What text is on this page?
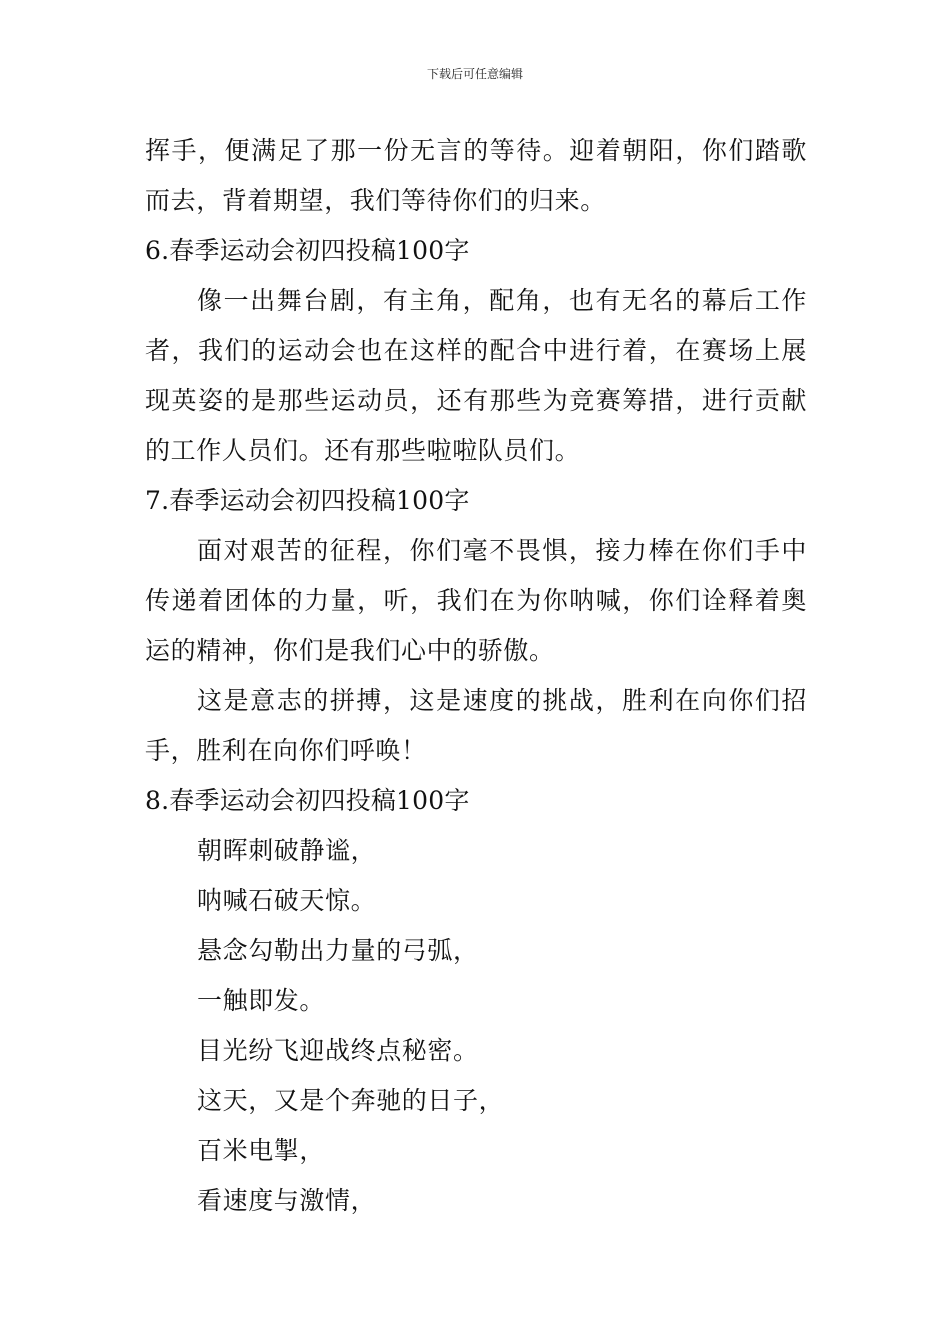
下载后可任意编辑
挥手，便满足了那一份无言的等待。迎着朝阳，你们踏歌
而去，背着期望，我们等待你们的归来。
6.春季运动会初四投稿100字
像一出舞台剧，有主角，配角，也有无名的幕后工作
者，我们的运动会也在这样的配合中进行着，在赛场上展
现英姿的是那些运动员，还有那些为竞赛筹措，进行贡献
的工作人员们。还有那些啦啦队员们。
7.春季运动会初四投稿100字
面对艰苦的征程，你们毫不畏惧，接力棒在你们手中
传递着团体的力量，听，我们在为你呐喊，你们诠释着奥
运的精神，你们是我们心中的骄傲。
这是意志的拼搏，这是速度的挑战，胜利在向你们招
手，胜利在向你们呼唤！
8.春季运动会初四投稿100字
朝晖刺破静谧，
呐喊石破天惊。
悬念勾勒出力量的弓弧，
一触即发。
目光纷飞迎战终点秘密。
这天，又是个奔驰的日子，
百米电掣，
看速度与激情，
